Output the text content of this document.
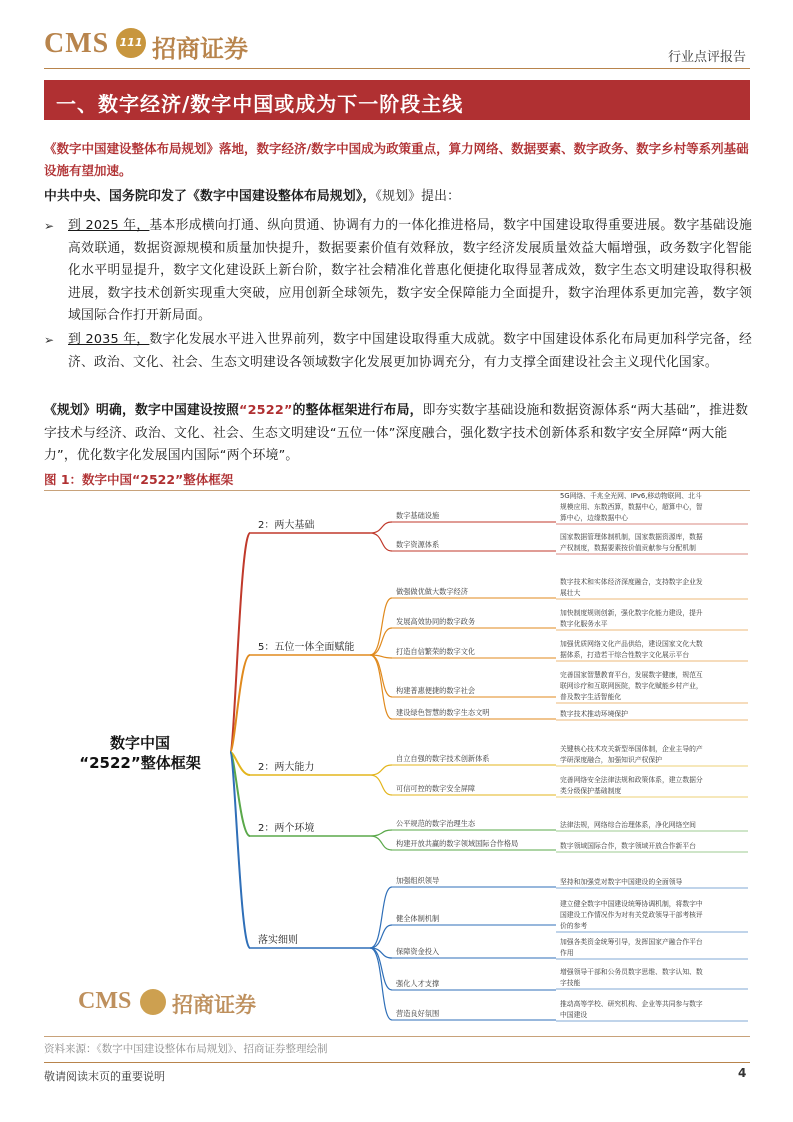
CMS 111 招商证券	行业点评报告
一、数字经济/数字中国或成为下一阶段主线
《数字中国建设整体布局规划》落地，数字经济/数字中国成为政策重点，算力网络、数据要素、数字政务、数字乡村等系列基础设施有望加速。
中共中央、国务院印发了《数字中国建设整体布局规划》，《规划》提出：
➢ 到 2025 年，基本形成横向打通、纵向贯通、协调有力的一体化推进格局，数字中国建设取得重要进展。数字基础设施高效联通，数据资源规模和质量加快提升，数据要素价值有效释放，数字经济发展质量效益大幅增强，政务数字化智能化水平明显提升，数字文化建设跃上新台阶，数字社会精准化普惠化便捷化取得显著成效，数字生态文明建设取得积极进展，数字技术创新实现重大突破，应用创新全球领先，数字安全保障能力全面提升，数字治理体系更加完善，数字领域国际合作打开新局面。
➢ 到 2035 年，数字化发展水平进入世界前列，数字中国建设取得重大成就。数字中国建设体系化布局更加科学完备，经济、政治、文化、社会、生态文明建设各领域数字化发展更加协调充分，有力支撑全面建设社会主义现代化国家。
《规划》明确，数字中国建设按照“2522”的整体框架进行布局，即夯实数字基础设施和数据资源体系“两大基础”，推进数字技术与经济、政治、文化、社会、生态文明建设“五位一体”深度融合，强化数字技术创新体系和数字安全屏障“两大能力”，优化数字化发展国内国际“两个环境”。
图 1：数字中国“2522”整体框架
数字中国
“2522”整体框架
2：两大基础
数字基础设施
5G网络、千兆全光网、IPv6,移动物联网、北斗
规模应用、东数西算，数据中心，超算中心，智
算中心，边缘数据中心
数字资源体系
国家数据管理体制机制，国家数据资源库，数据
产权制度，数据要素按价值贡献参与分配机制
5：五位一体全面赋能
做强做优做大数字经济
数字技术和实体经济深度融合，支持数字企业发
展壮大
发展高效协同的数字政务
加快制度规则创新，强化数字化能力建设，提升
数字化服务水平
打造自信繁荣的数字文化
加强优质网络文化产品供给，建设国家文化大数
据体系，打造若干综合性数字文化展示平台
构建普惠便捷的数字社会
完善国家智慧教育平台，发展数字健康，规范互
联网诊疗和互联网医院，数字化赋能乡村产业，
普及数字生活智能化
建设绿色智慧的数字生态文明	数字技术推动环境保护
2：两大能力
自立自强的数字技术创新体系
关键核心技术攻关新型举国体制，企业主导的产
学研深度融合，加强知识产权保护
可信可控的数字安全屏障
完善网络安全法律法规和政策体系，建立数据分
类分级保护基础制度
2：两个环境	公平规范的数字治理生态	法律法规，网络综合治理体系，净化网络空间
构建开放共赢的数字领域国际合作格局	数字领域国际合作，数字领域开放合作新平台
落实细则
加强组织领导	坚持和加强党对数字中国建设的全面领导
健全体制机制
建立健全数字中国建设统筹协调机制，将数字中
国建设工作情况作为对有关党政领导干部考核评
价的参考
保障资金投入
加强各类资金统筹引导，发挥国家产融合作平台
作用
强化人才支撑
增强领导干部和公务员数字思维、数字认知、数
字技能
营造良好氛围
推动高等学校、研究机构、企业等共同参与数字
中国建设
CMS 招商证券
资料来源：《数字中国建设整体布局规划》、招商证券整理绘制
敬请阅读末页的重要说明	4
